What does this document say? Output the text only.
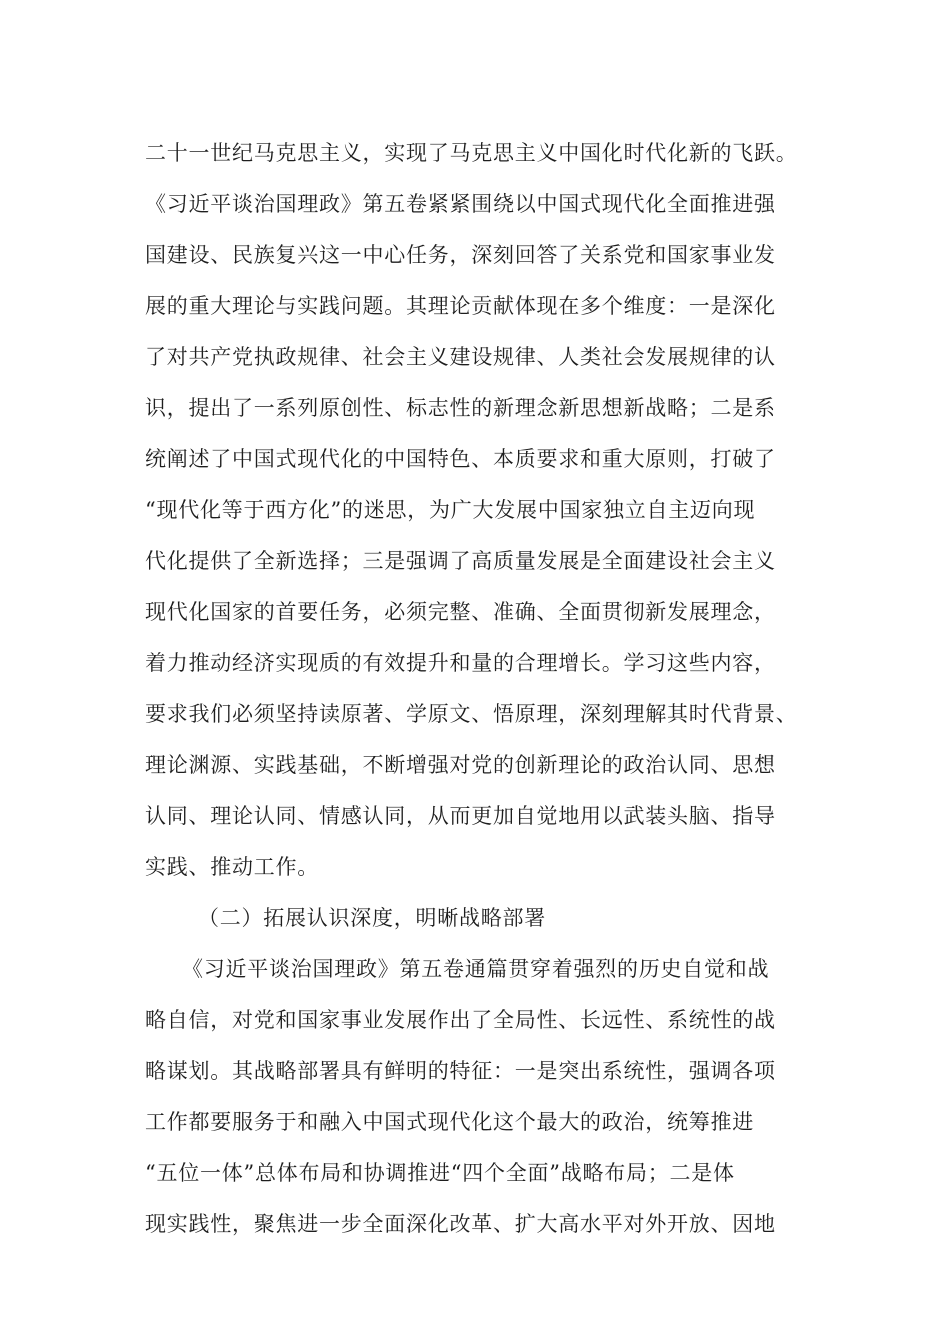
二十一世纪马克思主义，实现了马克思主义中国化时代化新的飞跃。
《习近平谈治国理政》第五卷紧紧围绕以中国式现代化全面推进强
国建设、民族复兴这一中心任务，深刻回答了关系党和国家事业发
展的重大理论与实践问题。其理论贡献体现在多个维度：一是深化
了对共产党执政规律、社会主义建设规律、人类社会发展规律的认
识，提出了一系列原创性、标志性的新理念新思想新战略；二是系
统阐述了中国式现代化的中国特色、本质要求和重大原则，打破了
“现代化等于西方化”的迷思，为广大发展中国家独立自主迈向现
代化提供了全新选择；三是强调了高质量发展是全面建设社会主义
现代化国家的首要任务，必须完整、准确、全面贯彻新发展理念，
着力推动经济实现质的有效提升和量的合理增长。学习这些内容，
要求我们必须坚持读原著、学原文、悟原理，深刻理解其时代背景、
理论渊源、实践基础，不断增强对党的创新理论的政治认同、思想
认同、理论认同、情感认同，从而更加自觉地用以武装头脑、指导
实践、推动工作。
（二）拓展认识深度，明晰战略部署
《习近平谈治国理政》第五卷通篇贯穿着强烈的历史自觉和战
略自信，对党和国家事业发展作出了全局性、长远性、系统性的战
略谋划。其战略部署具有鲜明的特征：一是突出系统性，强调各项
工作都要服务于和融入中国式现代化这个最大的政治，统筹推进
“五位一体”总体布局和协调推进“四个全面”战略布局；二是体
现实践性，聚焦进一步全面深化改革、扩大高水平对外开放、因地
